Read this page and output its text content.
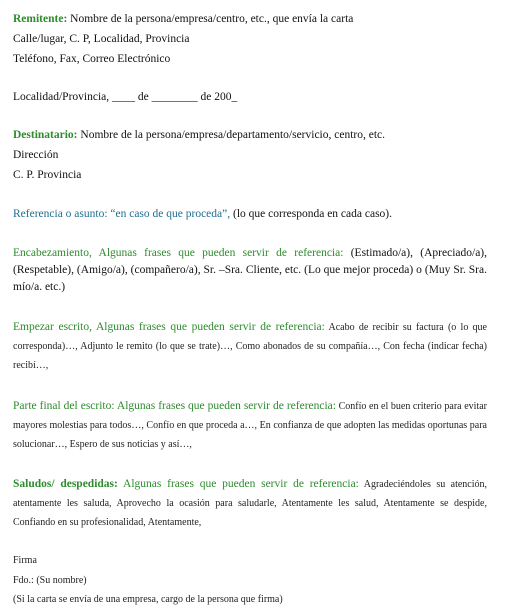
Remitente: Nombre de la persona/empresa/centro, etc., que envía la carta

Calle/lugar, C. P, Localidad, Provincia

Teléfono, Fax, Correo Electrónico

Localidad/Provincia, ____ de ________ de 200_

Destinatario: Nombre de la persona/empresa/departamento/servicio, centro, etc.

Dirección

C. P. Provincia

Referencia o asunto: “en caso de que proceda”, (lo que corresponda en cada caso).

Encabezamiento, Algunas frases que pueden servir de referencia: (Estimado/a), (Apreciado/a), (Respetable), (Amigo/a), (compañero/a), Sr. –Sra. Cliente, etc. (Lo que mejor proceda) o (Muy Sr. Sra. mío/a. etc.)

Empezar escrito, Algunas frases que pueden servir de referencia: Acabo de recibir su factura (o lo que corresponda)…, Adjunto le remito (lo que se trate)…, Como abonados de su compañía…, Con fecha (indicar fecha) recibí…,

Parte final del escrito: Algunas frases que pueden servir de referencia: Confío en el buen criterio para evitar mayores molestias para todos…, Confío en que proceda a…, En confianza de que adopten las medidas oportunas para solucionar…, Espero de sus noticias y así…,

Saludos/ despedidas: Algunas frases que pueden servir de referencia: Agradeciéndoles su atención, atentamente les saluda, Aprovecho la ocasión para saludarle, Atentamente les salud, Atentamente se despide, Confiando en su profesionalidad, Atentamente,

Firma

Fdo.: (Su nombre)

(Si la carta se envía de una empresa, cargo de la persona que firma)
